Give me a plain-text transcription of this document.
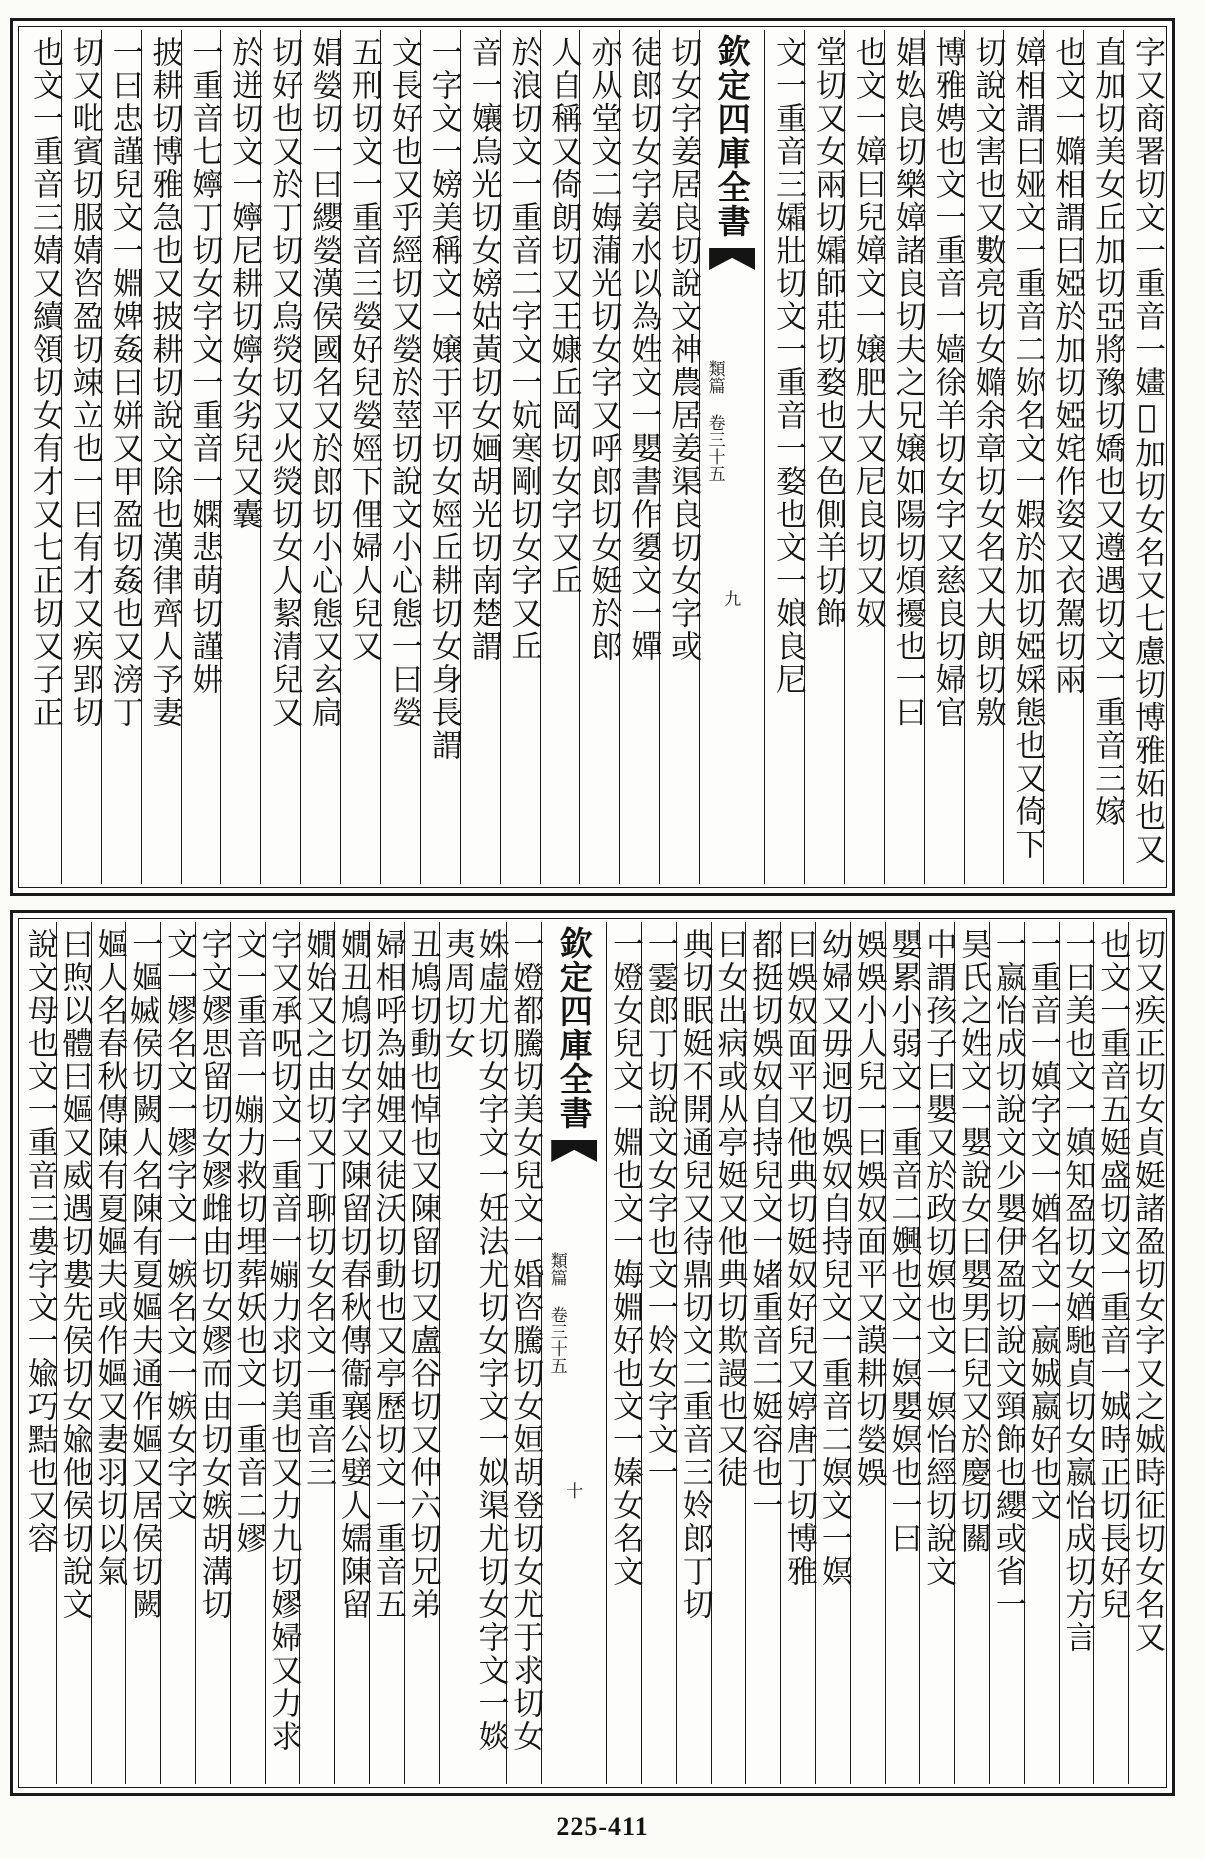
字又商署切文一重音一嫿𫯢加切女名又七慮切博雅妬也又
直加切美女丘加切亞將豫切嬌也又遵遇切文一重音三嫁
也文一嫷相謂曰婭於加切婭姹作姿又衣駕切兩
嫜相謂曰娅文一重音二妳名文一婽於加切婭婇態也又倚下
切說文害也又數亮切女嫷余章切女名又大朗切敫
博雅娉也文一重音一嫱徐羊切女字又慈良切婦官
娼𡚸良切樂嫜諸良切夫之兄嬢如陽切煩擾也一曰
也文一嫜曰兒嫜文一嬢肥大又尼良切又奴
堂切又女兩切孀師莊切婺也又色側羊切飾
文一重音三孀壯切文一重音一婺也文一娘良尼
欽定四庫全書
類篇 卷三十五
九
切女字姜居良切說文神農居姜渠良切女字或
徒郎切女字姜水以為姓文一嬰書作嬃文一嬋
亦从堂文二娒蒲光切女字又呼郎切女娗於郎
人自稱又倚朗切又王嫝丘岡切女字又丘
於浪切文一重音二字文一妔寒剛切女字又丘
音一孃烏光切女嫎姑黃切女婳胡光切南楚謂
一字文一嫎美稱文一嬢于平切女娙丘耕切女身長謂
文長好也又乎經切又嫈於莖切說文小心態一曰嫈
五刑切文一重音三嫈好兒嫈娙下俚婦人兒又
娟嫈切一曰纓嫈漢侯國名又於郎切小心態又玄扃
切好也又於丁切又烏熒切又火熒切女人絜清兒又
於迸切文一嬣尼耕切嬣女劣兒又囊
一重音七嬣丁切女字文一重音一嫻悲萌切謹妌
披耕切博雅急也又披耕切說文除也漢律齊人予妻
一曰忠謹兒文一婣婢姦曰姘又甲盈切姦也又滂丁
切又吡賓切服婧咨盈切竦立也一曰有才又疾郢切
也文一重音三婧又續領切女有才又七正切又子正
切又疾正切女貞娗諸盈切女字又之娍時征切女名又
也文一重音五娗盛切文一重音一娍時正切長好兒
一曰美也文一嫃知盈切女媨馳貞切女嬴怡成切方言
一重音一嫃字文一媨名文一嬴娍嬴好也文
一嬴怡成切說文少嬰伊盈切說文頸飾也纓或省一
昊氏之姓文一嬰說女曰嬰男曰兒又於慶切關
中謂孩子曰嬰又於政切嫇也文一嫇怡經切說文
嬰累小弱文一重音二嬹也文一嫇嬰嫇也一曰
娛娛小人兒一曰娛奴面平又謨耕切嫈娛
幼婦又毋迥切娛奴自持兒文一重音二嫇文一嫇
曰娛奴面平又他典切娗奴好兒又婷唐丁切博雅
都挺切娛奴自持兒文一媎重音二娗容也一
曰女出病或从亭娗又他典切欺謾也又徒
典切眠娗不開通兒又待鼎切文二重音三姈郎丁切
一霎郎丁切說文女字也文一姈女字文一
一嬁女兒文一婣也文一娒婣好也文一嫀女名文
欽定四庫全書
類篇 卷三十五
十
一嬁都騰切美女兒文一婚咨騰切女姮胡登切女尤于求切女
姝虛尤切女字文一妊法尤切女字文一姒渠尤切女字文一婒夷周切女
丑鳩切動也悼也又陳留切又盧谷切又仲六切兄弟
婦相呼為妯娌又徒沃切動也又亭歷切文一重音五
嫺丑鳩切女字又陳留切春秋傳衞襄公嬖人嬬陳留
嫺始又之由切又丁聊切女名文一重音三
字又承呪切文一重音一𡡈力求切美也又力九切嫪婦又力求
文一重音一𡡈力救切埋葬妖也文一重音二嫪
字文嫪思留切女嫪雌由切女嫪而由切女嫉胡溝切
文一嫪名文一嫪字文一嫉名文一嫉女字文
一嫗𡟬侯切闕人名陳有夏嫗夫通作嫗又居侯切闕
嫗人名春秋傳陳有夏嫗夫或作嫗又妻羽切以氣
曰煦以體曰嫗又威遇切婁先侯切女婾他侯切說文
說文母也文一重音三婁字文一婾巧黠也又容
225-411
